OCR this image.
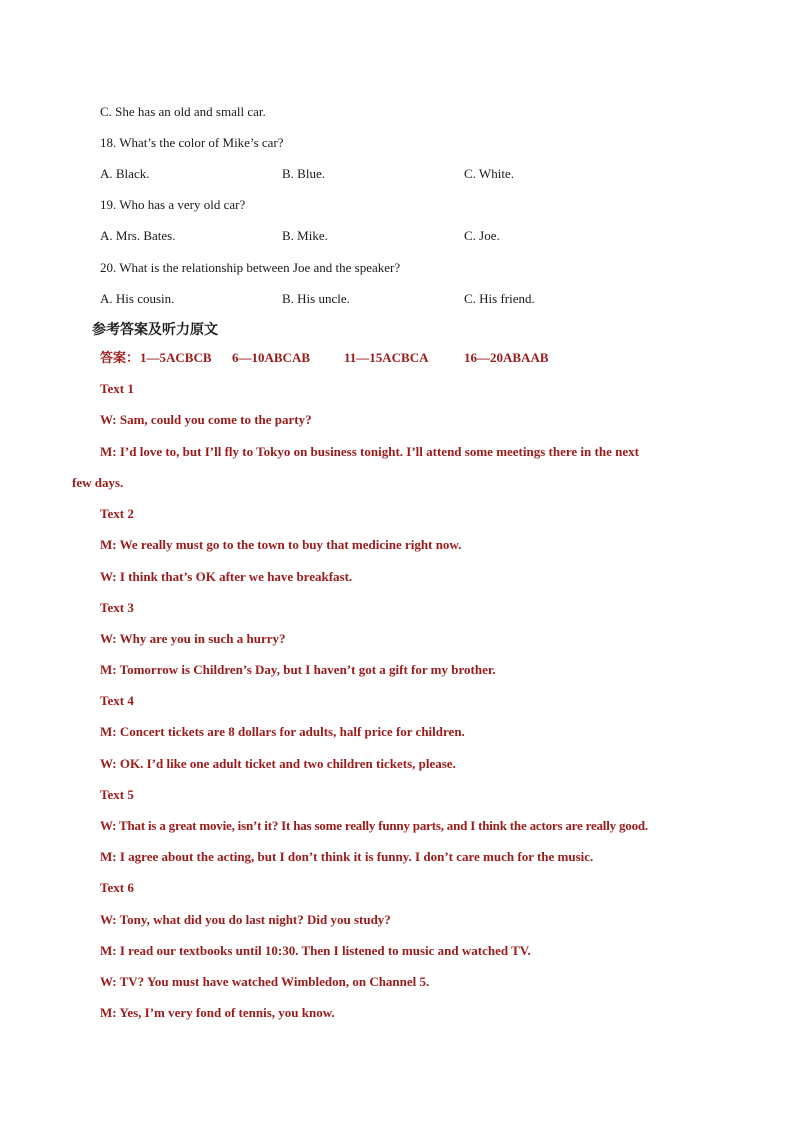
C. She has an old and small car.
18. What’s the color of Mike’s car?
A. Black.	B. Blue.	C. White.
19. Who has a very old car?
A. Mrs. Bates.	B. Mike.	C. Joe.
20. What is the relationship between Joe and the speaker?
A. His cousin.	B. His uncle.	C. His friend.
参考答案及听力原文
答案： 1—5ACBCB 6—10ABCAB	11—15ACBCA	16—20ABAAB
Text 1
W: Sam, could you come to the party?
M: I’d love to, but I’ll fly to Tokyo on business tonight. I’ll attend some meetings there in the next
few days.
Text 2
M: We really must go to the town to buy that medicine right now.
W: I think that’s OK after we have breakfast.
Text 3
W: Why are you in such a hurry?
M: Tomorrow is Children’s Day, but I haven’t got a gift for my brother.
Text 4
M: Concert tickets are 8 dollars for adults, half price for children.
W: OK. I’d like one adult ticket and two children tickets, please.
Text 5
W: That is a great movie, isn’t it? It has some really funny parts, and I think the actors are really good.
M: I agree about the acting, but I don’t think it is funny. I don’t care much for the music.
Text 6
W: Tony, what did you do last night? Did you study?
M: I read our textbooks until 10:30. Then I listened to music and watched TV.
W: TV? You must have watched Wimbledon, on Channel 5.
M: Yes, I’m very fond of tennis, you know.
